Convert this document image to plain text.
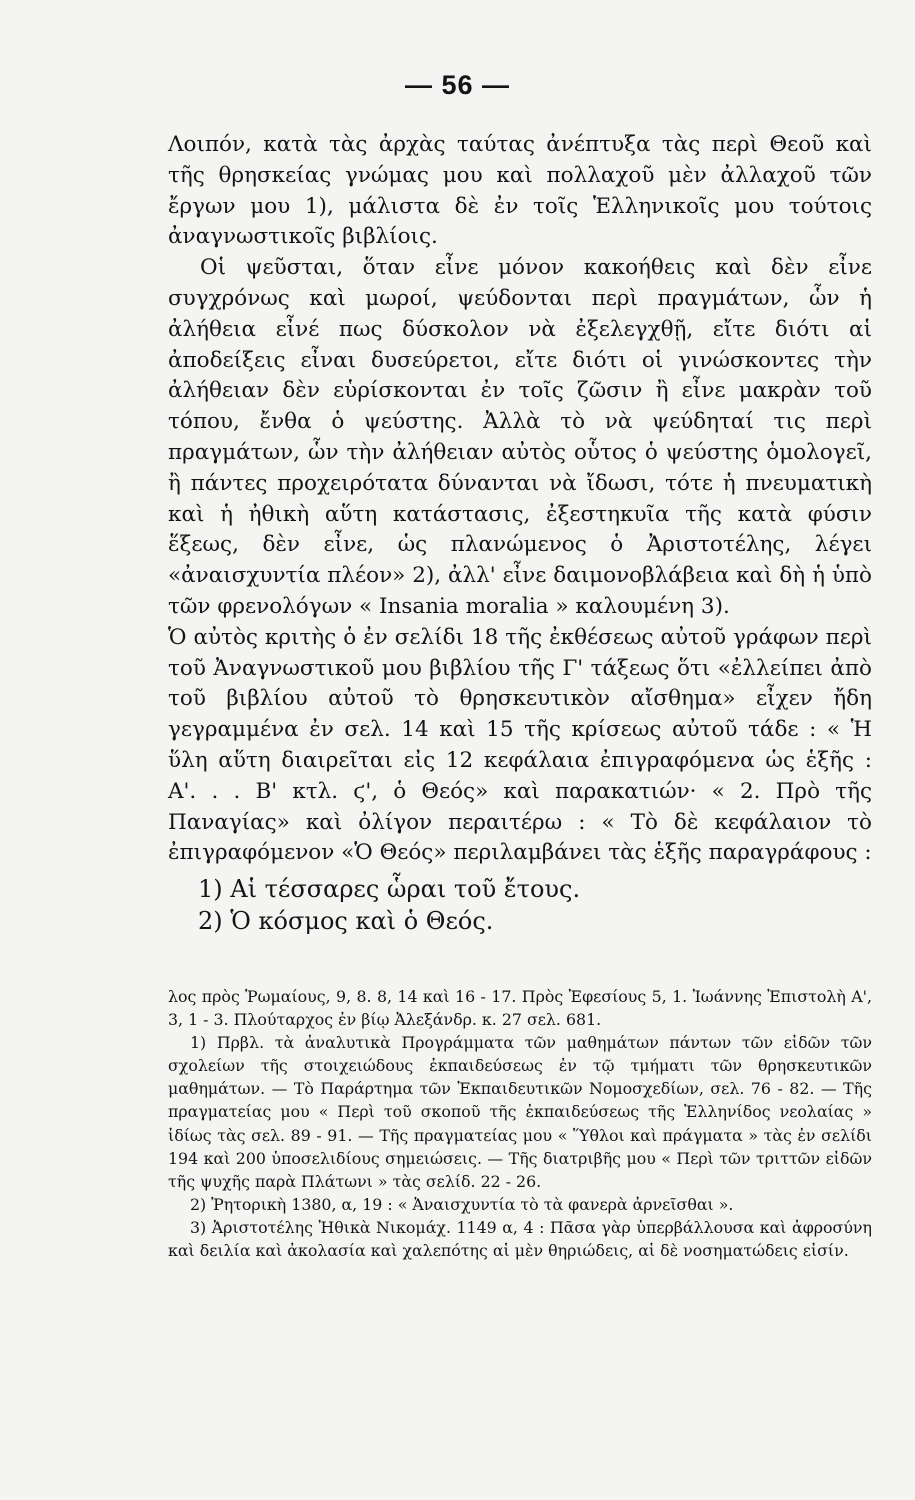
— 56 —

Λοιπόν, κατὰ τὰς ἀρχὰς ταύτας ἀνέπτυξα τὰς περὶ Θεοῦ καὶ τῆς θρησκείας γνώμας μου καὶ πολλαχοῦ μὲν ἀλλαχοῦ τῶν ἔργων μου 1), μάλιστα δὲ ἐν τοῖς Ἑλληνικοῖς μου τούτοις ἀναγνωστικοῖς βιβλίοις.

Οἱ ψεῦσται, ὅταν εἶνε μόνον κακοήθεις καὶ δὲν εἶνε συγχρόνως καὶ μωροί, ψεύδονται περὶ πραγμάτων, ὧν ἡ ἀλήθεια εἶνέ πως δύσκολον νὰ ἐξελεγχθῇ, εἴτε διότι αἱ ἀποδείξεις εἶναι δυσεύρετοι, εἴτε διότι οἱ γινώσκοντες τὴν ἀλήθειαν δὲν εὑρίσκονται ἐν τοῖς ζῶσιν ἢ εἶνε μακρὰν τοῦ τόπου, ἔνθα ὁ ψεύστης. Ἀλλὰ τὸ νὰ ψεύδηταί τις περὶ πραγμάτων, ὧν τὴν ἀλήθειαν αὐτὸς οὗτος ὁ ψεύστης ὁμολογεῖ, ἢ πάντες προχειρότατα δύνανται νὰ ἴδωσι, τότε ἡ πνευματικὴ καὶ ἡ ἠθικὴ αὕτη κατάστασις, ἐξεστηκυῖα τῆς κατὰ φύσιν ἕξεως, δὲν εἶνε, ὡς πλανώμενος ὁ Ἀριστοτέλης, λέγει «ἀναισχυντία πλέον» 2), ἀλλ' εἶνε δαιμονοβλάβεια καὶ δὴ ἡ ὑπὸ τῶν φρενολόγων « Insania moralia » καλουμένη 3).

Ὁ αὐτὸς κριτὴς ὁ ἐν σελίδι 18 τῆς ἐκθέσεως αὐτοῦ γράφων περὶ τοῦ Ἀναγνωστικοῦ μου βιβλίου τῆς Γ' τάξεως ὅτι «ἐλλείπει ἀπὸ τοῦ βιβλίου αὐτοῦ τὸ θρησκευτικὸν αἴσθημα» εἶχεν ἤδη γεγραμμένα ἐν σελ. 14 καὶ 15 τῆς κρίσεως αὐτοῦ τάδε : « Ἡ ὕλη αὕτη διαιρεῖται εἰς 12 κεφάλαια ἐπιγραφόμενα ὡς ἑξῆς : Α'. . . Β' κτλ. ϛ', ὁ Θεός» καὶ παρακατιών· « 2. Πρὸ τῆς Παναγίας» καὶ ὀλίγον περαιτέρω : « Τὸ δὲ κεφάλαιον τὸ ἐπιγραφόμενον «Ὁ Θεός» περιλαμβάνει τὰς ἑξῆς παραγράφους :

1) Αἱ τέσσαρες ὧραι τοῦ ἔτους.
2) Ὁ κόσμος καὶ ὁ Θεός.

λος πρὸς Ῥωμαίους, 9, 8. 8, 14 καὶ 16 - 17. Πρὸς Ἐφεσίους 5, 1. Ἰωάννης Ἐπιστολὴ Α', 3, 1 - 3. Πλούταρχος ἐν βίῳ Ἀλεξάνδρ. κ. 27 σελ. 681.

1) Πρβλ. τὰ ἀναλυτικὰ Προγράμματα τῶν μαθημάτων πάντων τῶν εἰδῶν τῶν σχολείων τῆς στοιχειώδους ἐκπαιδεύσεως ἐν τῷ τμήματι τῶν θρησκευτικῶν μαθημάτων. — Τὸ Παράρτημα τῶν Ἐκπαιδευτικῶν Νομοσχεδίων, σελ. 76 - 82. — Τῆς πραγματείας μου « Περὶ τοῦ σκοποῦ τῆς ἐκπαιδεύσεως τῆς Ἑλληνίδος νεολαίας » ἰδίως τὰς σελ. 89 - 91. — Τῆς πραγματείας μου « Ὕθλοι καὶ πράγματα » τὰς ἐν σελίδι 194 καὶ 200 ὑποσελιδίους σημειώσεις. — Τῆς διατριβῆς μου « Περὶ τῶν τριττῶν εἰδῶν τῆς ψυχῆς παρὰ Πλάτωνι » τὰς σελίδ. 22 - 26.

2) Ῥητορικὴ 1380, α, 19 : « Ἀναισχυντία τὸ τὰ φανερὰ ἀρνεῖσθαι ».

3) Ἀριστοτέλης Ἠθικὰ Νικομάχ. 1149 α, 4 : Πᾶσα γὰρ ὑπερβάλλουσα καὶ ἀφροσύνη καὶ δειλία καὶ ἀκολασία καὶ χαλεπότης αἱ μὲν θηριώδεις, αἱ δὲ νοσηματώδεις εἰσίν.
